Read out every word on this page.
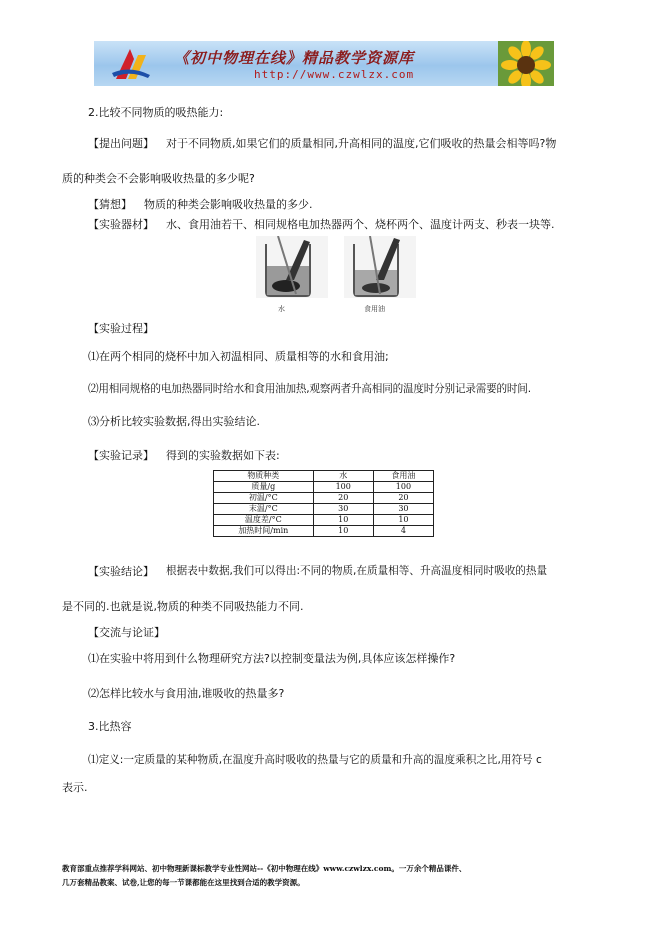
《初中物理在线》精品教学资源库
http://www.czwlzx.com
2.比较不同物质的吸热能力:
【提出问题】 对于不同物质,如果它们的质量相同,升高相同的温度,它们吸收的热量会相等吗?物
质的种类会不会影响吸收热量的多少呢?
【猜想】 物质的种类会影响吸收热量的多少.
【实验器材】 水、食用油若干、相同规格电加热器两个、烧杯两个、温度计两支、秒表一块等.
水	食用油
【实验过程】
⑴在两个相同的烧杯中加入初温相同、质量相等的水和食用油;
⑵用相同规格的电加热器同时给水和食用油加热,观察两者升高相同的温度时分别记录需要的时间.
⑶分析比较实验数据,得出实验结论.
【实验记录】 得到的实验数据如下表:
物质种类	水	食用油
质量/g	100	100
初温/°C	20	20
末温/°C	30	30
温度差/°C	10	10
加热时间/min	10	4
【实验结论】 根据表中数据,我们可以得出:不同的物质,在质量相等、升高温度相同时吸收的热量
是不同的.也就是说,物质的种类不同吸热能力不同.
【交流与论证】
⑴在实验中将用到什么物理研究方法?以控制变量法为例,具体应该怎样操作?
⑵怎样比较水与食用油,谁吸收的热量多?
3.比热容
⑴定义:一定质量的某种物质,在温度升高时吸收的热量与它的质量和升高的温度乘积之比,用符号 c
表示.
教育部重点推荐学科网站、初中物理新课标教学专业性网站--《初中物理在线》www.czwlzx.com。一万余个精品课件、
几万套精品教案、试卷,让您的每一节课都能在这里找到合适的教学资源。
